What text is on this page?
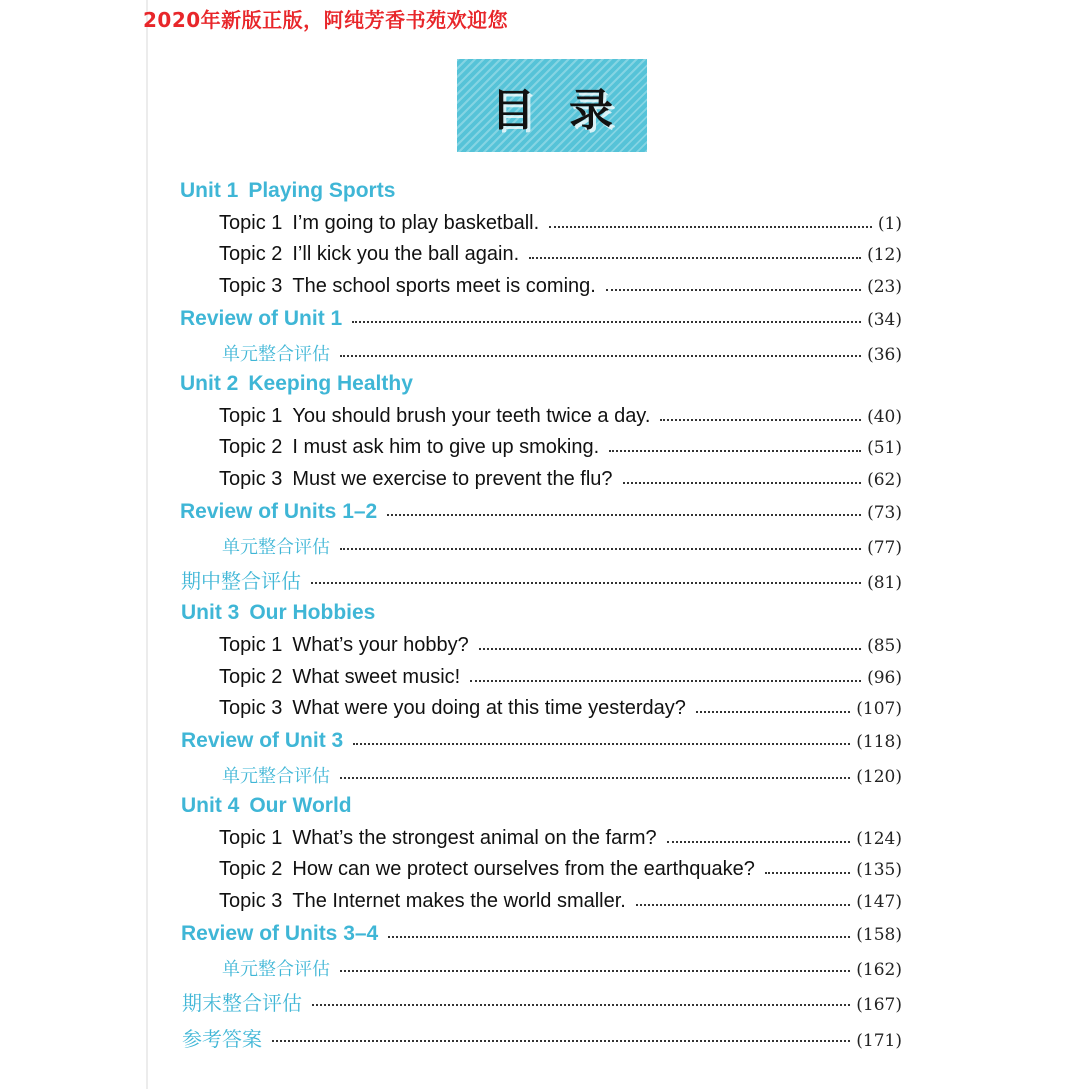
2020年新版正版，阿纯芳香书苑欢迎您
目录
Unit 1 Playing Sports
Topic 1 I’m going to play basketball.	(1)
Topic 2 I’ll kick you the ball again.	(12)
Topic 3 The school sports meet is coming.	(23)
Review of Unit 1	(34)
单元整合评估	(36)
Unit 2 Keeping Healthy
Topic 1 You should brush your teeth twice a day.	(40)
Topic 2 I must ask him to give up smoking.	(51)
Topic 3 Must we exercise to prevent the flu?	(62)
Review of Units 1–2	(73)
单元整合评估	(77)
期中整合评估	(81)
Unit 3 Our Hobbies
Topic 1 What’s your hobby?	(85)
Topic 2 What sweet music!	(96)
Topic 3 What were you doing at this time yesterday?	(107)
Review of Unit 3	(118)
单元整合评估	(120)
Unit 4 Our World
Topic 1 What’s the strongest animal on the farm?	(124)
Topic 2 How can we protect ourselves from the earthquake?	(135)
Topic 3 The Internet makes the world smaller.	(147)
Review of Units 3–4	(158)
单元整合评估	(162)
期末整合评估	(167)
参考答案	(171)
